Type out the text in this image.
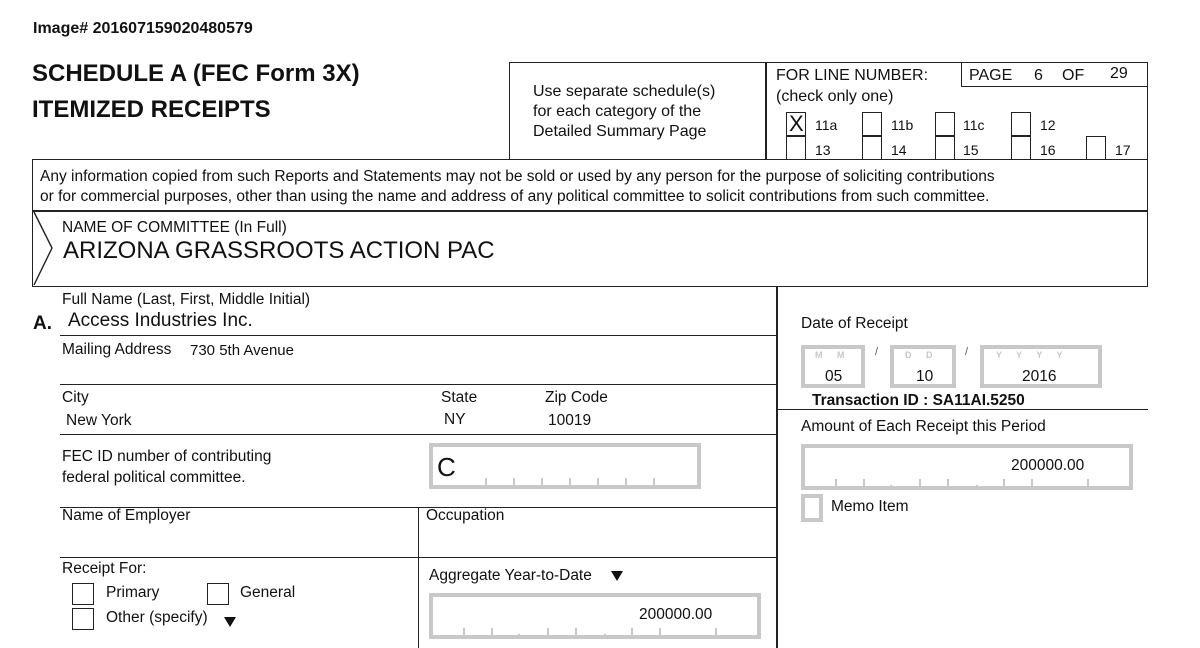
Image# 201607159020480579
SCHEDULE A (FEC Form 3X)
ITEMIZED RECEIPTS
Use separate schedule(s)
for each category of the
Detailed Summary Page
FOR LINE NUMBER:
(check only one)
PAGE 6 OF 29
X 11a	11b	11c	12
13	14	15	16	17
Any information copied from such Reports and Statements may not be sold or used by any person for the purpose of soliciting contributions
or for commercial purposes, other than using the name and address of any political committee to solicit contributions from such committee.
NAME OF COMMITTEE (In Full)
ARIZONA GRASSROOTS ACTION PAC
Full Name (Last, First, Middle Initial)
A. Access Industries Inc.
Mailing Address 730 5th Avenue
City
New York
State
NY
Zip Code
10019
FEC ID number of contributing
federal political committee.	C
Name of Employer	Occupation
Receipt For:
Primary	General
Other (specify)
Aggregate Year-to-Date
,	,
200000.00
Date of Receipt
M M
05
/	D D
10
/	Y Y Y Y
2016
Transaction ID : SA11AI.5250
Amount of Each Receipt this Period
,	,
200000.00
Memo Item
